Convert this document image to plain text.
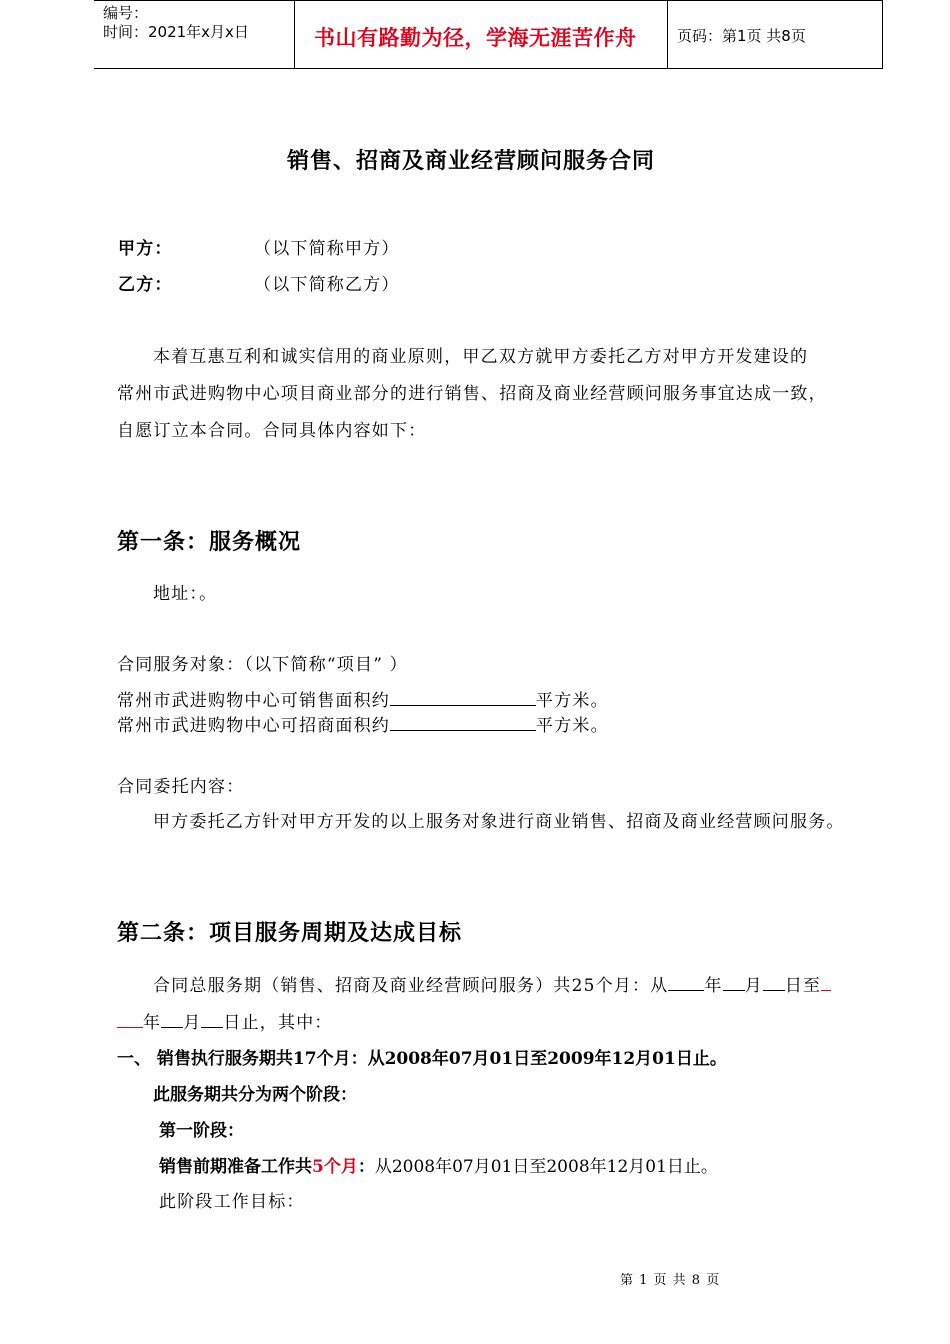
编号：
时间：2021年x月x日	书山有路勤为径，学海无涯苦作舟	页码：第1页 共8页
销售、招商及商业经营顾问服务合同
甲方：	（以下简称甲方）
乙方：	（以下简称乙方）
本着互惠互利和诚实信用的商业原则，甲乙双方就甲方委托乙方对甲方开发建设的
常州市武进购物中心项目商业部分的进行销售、招商及商业经营顾问服务事宜达成一致，
自愿订立本合同。合同具体内容如下：
第一条：服务概况
地址：。
合同服务对象：（以下简称“项目” ）
常州市武进购物中心可销售面积约	平方米。
常州市武进购物中心可招商面积约	平方米。
合同委托内容：
甲方委托乙方针对甲方开发的以上服务对象进行商业销售、招商及商业经营顾问服务。
第二条：项目服务周期及达成目标
合同总服务期（销售、招商及商业经营顾问服务）共25个月：从 年 月 日至
年 月 日止，其中：
一、 销售执行服务期共17个月：从2008年07月01日至2009年12月01日止。
此服务期共分为两个阶段：
第一阶段：
销售前期准备工作共5个月：从2008年07月01日至2008年12月01日止。
此阶段工作目标：
第 1 页 共 8 页
